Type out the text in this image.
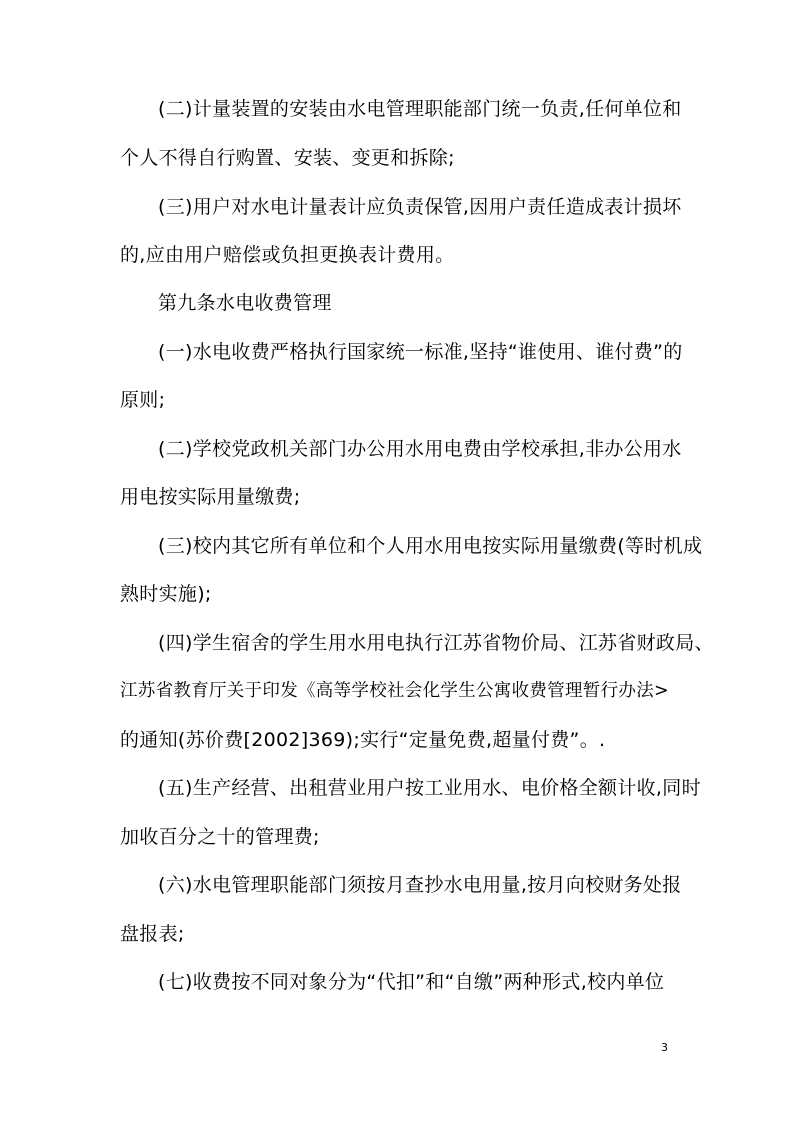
(二)计量装置的安装由水电管理职能部门统一负责,任何单位和
个人不得自行购置、安装、变更和拆除;
(三)用户对水电计量表计应负责保管,因用户责任造成表计损坏
的,应由用户赔偿或负担更换表计费用。
第九条水电收费管理
(一)水电收费严格执行国家统一标准,坚持“谁使用、谁付费”的
原则;
(二)学校党政机关部门办公用水用电费由学校承担,非办公用水
用电按实际用量缴费;
(三)校内其它所有单位和个人用水用电按实际用量缴费(等时机成
熟时实施);
(四)学生宿舍的学生用水用电执行江苏省物价局、江苏省财政局、
江苏省教育厅关于印发《高等学校社会化学生公寓收费管理暂行办法>
的通知(苏价费[2002]369);实行“定量免费,超量付费”。.
(五)生产经营、出租营业用户按工业用水、电价格全额计收,同时
加收百分之十的管理费;
(六)水电管理职能部门须按月查抄水电用量,按月向校财务处报
盘报表;
(七)收费按不同对象分为“代扣”和“自缴”两种形式,校内单位
3
